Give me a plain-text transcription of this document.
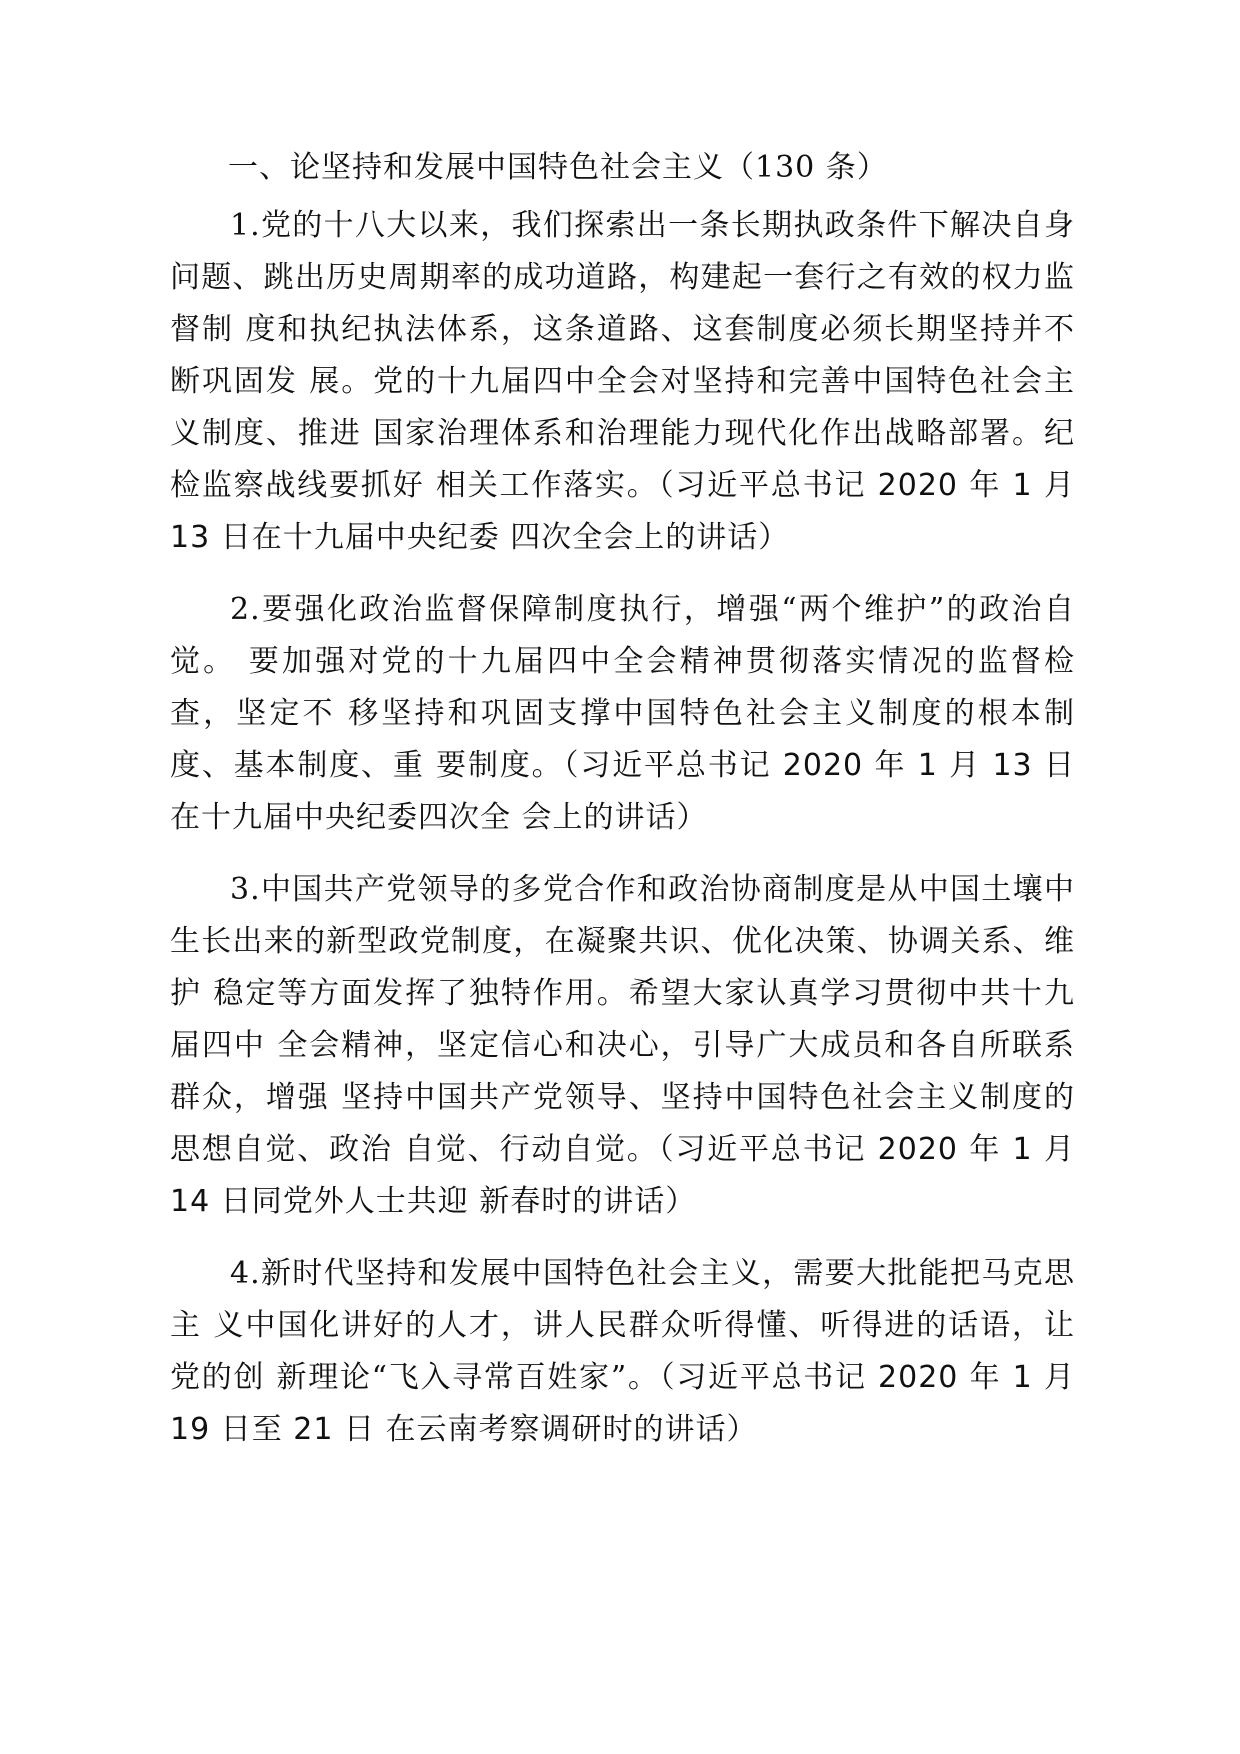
一、论坚持和发展中国特色社会主义（130 条）

1.党的十八大以来，我们探索出一条长期执政条件下解决自身问题、跳出历史周期率的成功道路，构建起一套行之有效的权力监督制 度和执纪执法体系，这条道路、这套制度必须长期坚持并不断巩固发 展。党的十九届四中全会对坚持和完善中国特色社会主义制度、推进 国家治理体系和治理能力现代化作出战略部署。纪检监察战线要抓好 相关工作落实。（习近平总书记 2020 年 1 月 13 日在十九届中央纪委 四次全会上的讲话）

2.要强化政治监督保障制度执行，增强“两个维护”的政治自觉。 要加强对党的十九届四中全会精神贯彻落实情况的监督检查，坚定不 移坚持和巩固支撑中国特色社会主义制度的根本制度、基本制度、重 要制度。（习近平总书记 2020 年 1 月 13 日在十九届中央纪委四次全 会上的讲话）

3.中国共产党领导的多党合作和政治协商制度是从中国土壤中 生长出来的新型政党制度，在凝聚共识、优化决策、协调关系、维护 稳定等方面发挥了独特作用。希望大家认真学习贯彻中共十九届四中 全会精神，坚定信心和决心，引导广大成员和各自所联系群众，增强 坚持中国共产党领导、坚持中国特色社会主义制度的思想自觉、政治 自觉、行动自觉。（习近平总书记 2020 年 1 月 14 日同党外人士共迎 新春时的讲话）

4.新时代坚持和发展中国特色社会主义，需要大批能把马克思主 义中国化讲好的人才，讲人民群众听得懂、听得进的话语，让党的创 新理论“飞入寻常百姓家”。（习近平总书记 2020 年 1 月 19 日至 21 日 在云南考察调研时的讲话）
